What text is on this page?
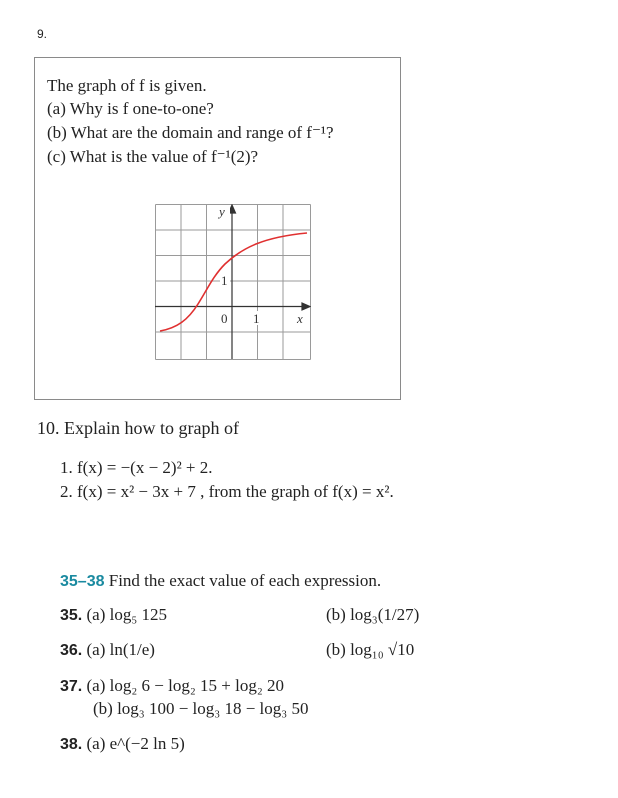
9.
The graph of f is given.
(a) Why is f one-to-one?
(b) What are the domain and range of f⁻¹?
(c) What is the value of f⁻¹(2)?
y
x
0 1
1
10. Explain how to graph of
1. f(x) = −(x − 2)² + 2.
2. f(x) = x² − 3x + 7 , from the graph of f(x) = x².
35–38 Find the exact value of each expression.
35. (a) log₅ 125	(b) log₃(1/27)
36. (a) ln(1/e)	(b) log₁₀ √10
37. (a) log₂ 6 − log₂ 15 + log₂ 20
(b) log₃ 100 − log₃ 18 − log₃ 50
38. (a) e^(−2 ln 5)
